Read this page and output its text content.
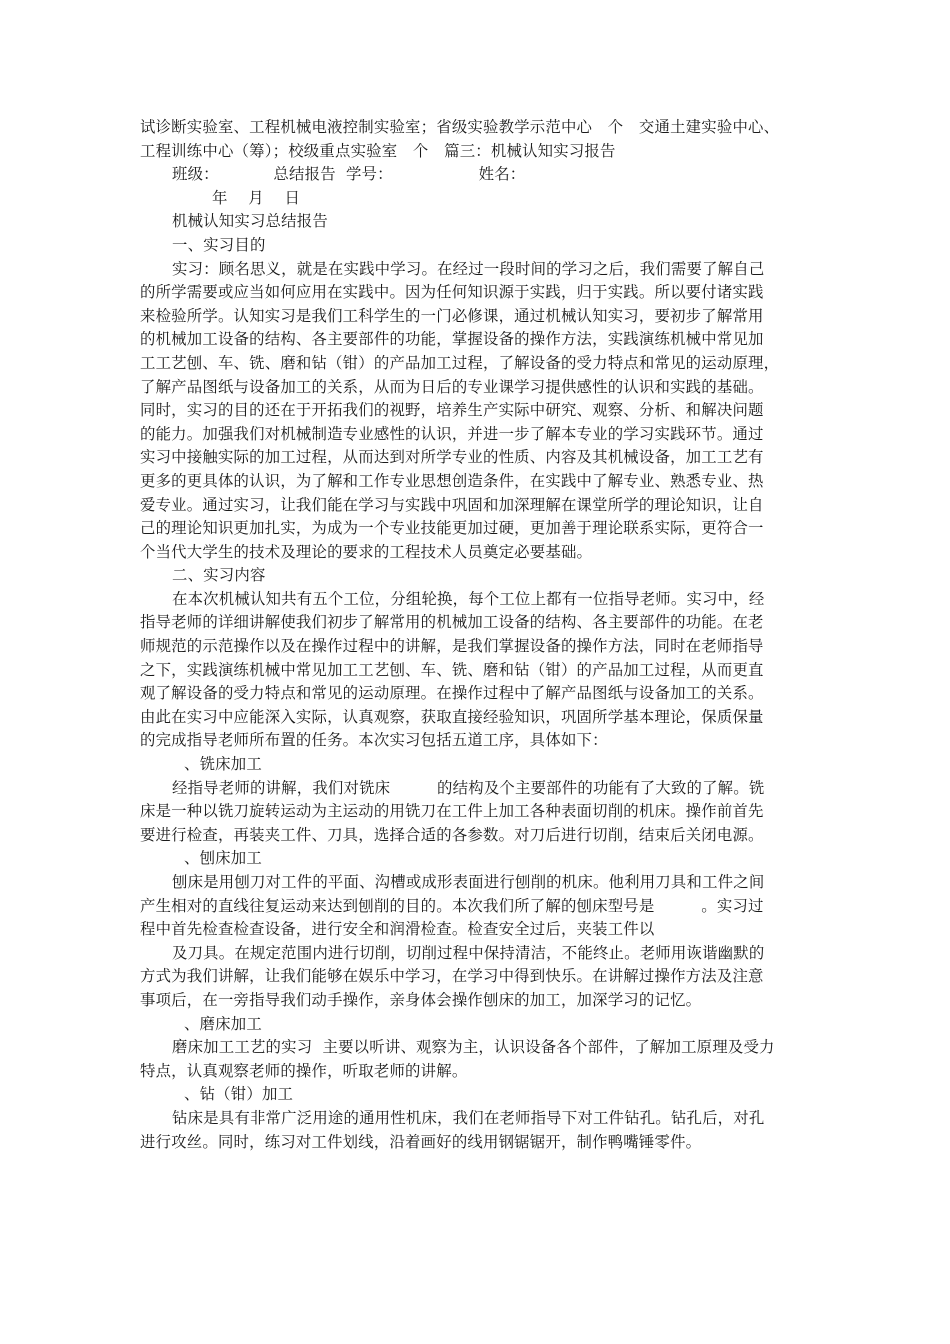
试诊断实验室、工程机械电液控制实验室；省级实验教学示范中心　个　交通土建实验中心、
工程训练中心（筹）；校级重点实验室　个　篇三：机械认知实习报告
班级：　　　　总结报告  学号：　　　　　　姓名：
年　 月　 日
机械认知实习总结报告
一、实习目的
实习：顾名思义，就是在实践中学习。在经过一段时间的学习之后，我们需要了解自己
的所学需要或应当如何应用在实践中。因为任何知识源于实践，归于实践。所以要付诸实践
来检验所学。认知实习是我们工科学生的一门必修课，通过机械认知实习，要初步了解常用
的机械加工设备的结构、各主要部件的功能，掌握设备的操作方法，实践演练机械中常见加
工工艺刨、车、铣、磨和钻（钳）的产品加工过程，了解设备的受力特点和常见的运动原理，
了解产品图纸与设备加工的关系，从而为日后的专业课学习提供感性的认识和实践的基础。
同时，实习的目的还在于开拓我们的视野，培养生产实际中研究、观察、分析、和解决问题
的能力。加强我们对机械制造专业感性的认识，并进一步了解本专业的学习实践环节。通过
实习中接触实际的加工过程，从而达到对所学专业的性质、内容及其机械设备，加工工艺有
更多的更具体的认识，为了解和工作专业思想创造条件，在实践中了解专业、熟悉专业、热
爱专业。通过实习，让我们能在学习与实践中巩固和加深理解在课堂所学的理论知识，让自
己的理论知识更加扎实，为成为一个专业技能更加过硬，更加善于理论联系实际，更符合一
个当代大学生的技术及理论的要求的工程技术人员奠定必要基础。
二、实习内容
在本次机械认知共有五个工位，分组轮换，每个工位上都有一位指导老师。实习中，经
指导老师的详细讲解使我们初步了解常用的机械加工设备的结构、各主要部件的功能。在老
师规范的示范操作以及在操作过程中的讲解，是我们掌握设备的操作方法，同时在老师指导
之下，实践演练机械中常见加工工艺刨、车、铣、磨和钻（钳）的产品加工过程，从而更直
观了解设备的受力特点和常见的运动原理。在操作过程中了解产品图纸与设备加工的关系。
由此在实习中应能深入实际，认真观察，获取直接经验知识，巩固所学基本理论，保质保量
的完成指导老师所布置的任务。本次实习包括五道工序，具体如下：
、铣床加工
经指导老师的讲解，我们对铣床　　　的结构及个主要部件的功能有了大致的了解。铣
床是一种以铣刀旋转运动为主运动的用铣刀在工件上加工各种表面切削的机床。操作前首先
要进行检查，再装夹工件、刀具，选择合适的各参数。对刀后进行切削，结束后关闭电源。
、刨床加工
刨床是用刨刀对工件的平面、沟槽或成形表面进行刨削的机床。他利用刀具和工件之间
产生相对的直线往复运动来达到刨削的目的。本次我们所了解的刨床型号是　　　。实习过
程中首先检查检查设备，进行安全和润滑检查。检查安全过后，夹装工件以
及刀具。在规定范围内进行切削，切削过程中保持清洁，不能终止。老师用诙谐幽默的
方式为我们讲解，让我们能够在娱乐中学习，在学习中得到快乐。在讲解过操作方法及注意
事项后，在一旁指导我们动手操作，亲身体会操作刨床的加工，加深学习的记忆。
、磨床加工
磨床加工工艺的实习  主要以听讲、观察为主，认识设备各个部件，了解加工原理及受力
特点，认真观察老师的操作，听取老师的讲解。
、钻（钳）加工
钻床是具有非常广泛用途的通用性机床，我们在老师指导下对工件钻孔。钻孔后，对孔
进行攻丝。同时，练习对工件划线，沿着画好的线用钢锯锯开，制作鸭嘴锤零件。
